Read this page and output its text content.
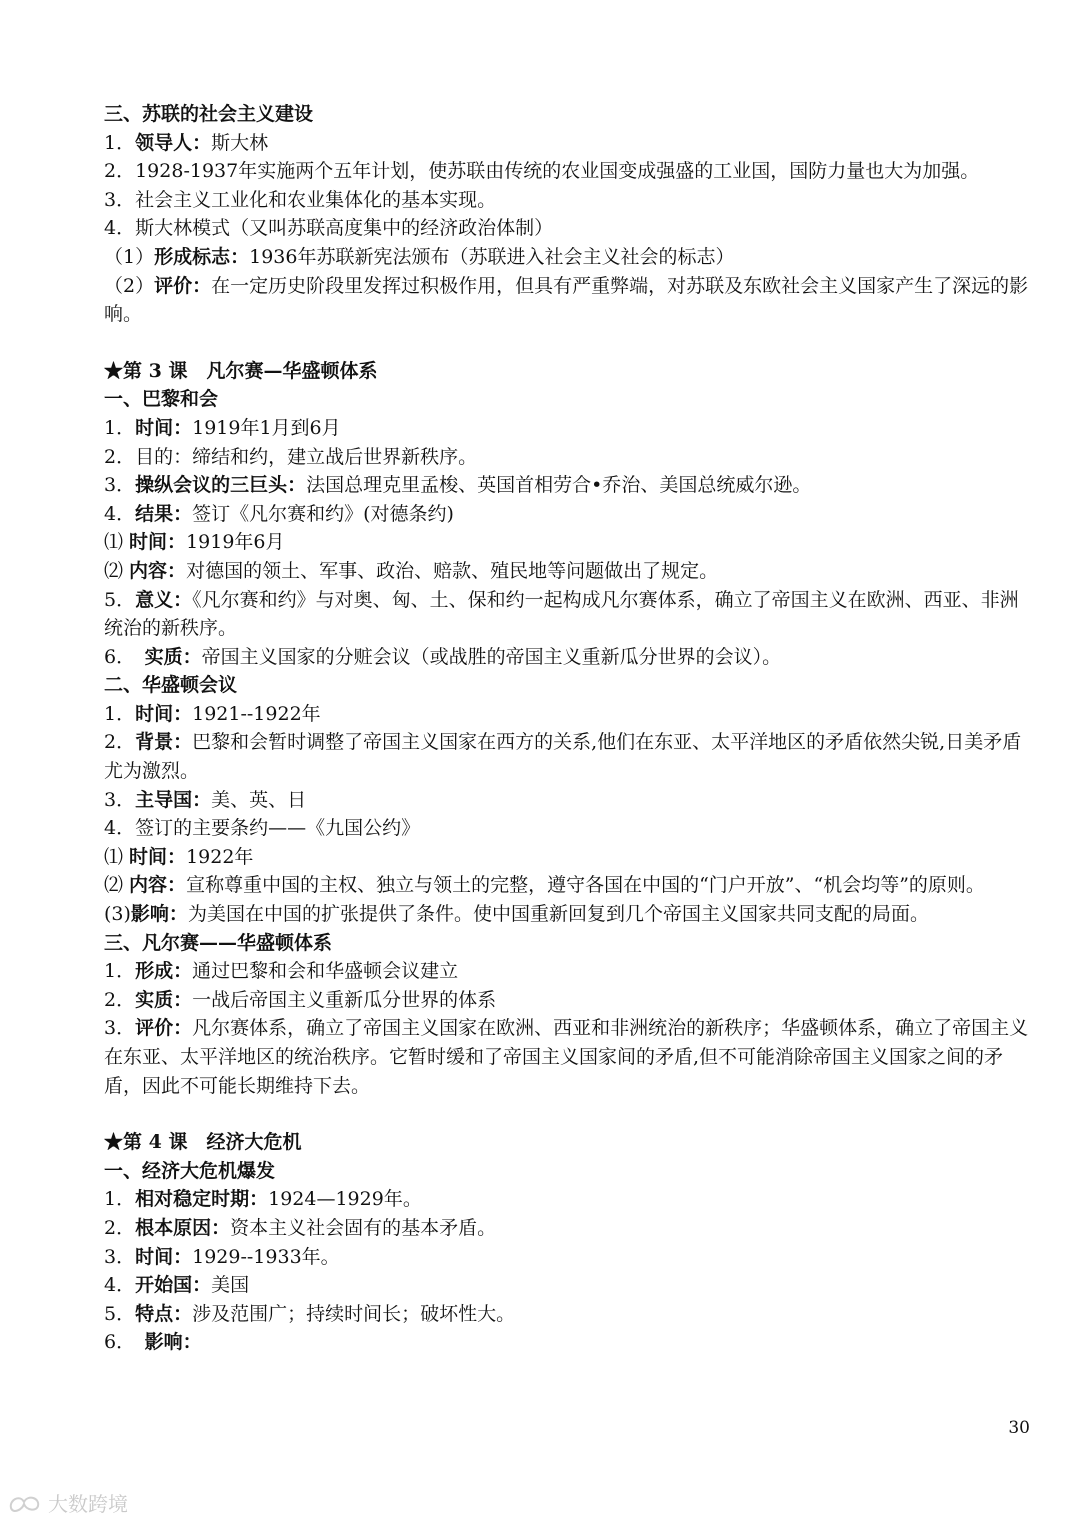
三、苏联的社会主义建设
1．领导人：斯大林
2．1928-1937年实施两个五年计划，使苏联由传统的农业国变成强盛的工业国，国防力量也大为加强。
3．社会主义工业化和农业集体化的基本实现。
4．斯大林模式（又叫苏联高度集中的经济政治体制）
（1）形成标志：1936年苏联新宪法颁布（苏联进入社会主义社会的标志）
（2）评价：在一定历史阶段里发挥过积极作用，但具有严重弊端，对苏联及东欧社会主义国家产生了深远的影响。
★第 3 课　凡尔赛—华盛顿体系
一、巴黎和会
1．时间：1919年1月到6月
2．目的：缔结和约，建立战后世界新秩序。
3．操纵会议的三巨头：法国总理克里孟梭、英国首相劳合•乔治、美国总统威尔逊。
4．结果：签订《凡尔赛和约》(对德条约)
⑴ 时间：1919年6月
⑵ 内容：对德国的领土、军事、政治、赔款、殖民地等问题做出了规定。
5．意义：《凡尔赛和约》与对奥、匈、土、保和约一起构成凡尔赛体系，确立了帝国主义在欧洲、西亚、非洲统治的新秩序。
6．　实质：帝国主义国家的分赃会议（或战胜的帝国主义重新瓜分世界的会议）。
二、华盛顿会议
1．时间：1921--1922年
2．背景：巴黎和会暂时调整了帝国主义国家在西方的关系,他们在东亚、太平洋地区的矛盾依然尖锐,日美矛盾尤为激烈。
3．主导国：美、英、日
4．签订的主要条约——《九国公约》
⑴ 时间：1922年
⑵ 内容：宣称尊重中国的主权、独立与领土的完整，遵守各国在中国的“门户开放”、“机会均等”的原则。
(3)影响：为美国在中国的扩张提供了条件。使中国重新回复到几个帝国主义国家共同支配的局面。
三、凡尔赛——华盛顿体系
1．形成：通过巴黎和会和华盛顿会议建立
2．实质：一战后帝国主义重新瓜分世界的体系
3．评价：凡尔赛体系，确立了帝国主义国家在欧洲、西亚和非洲统治的新秩序；华盛顿体系，确立了帝国主义在东亚、太平洋地区的统治秩序。它暂时缓和了帝国主义国家间的矛盾,但不可能消除帝国主义国家之间的矛盾，因此不可能长期维持下去。
★第 4 课　经济大危机
一、经济大危机爆发
1．相对稳定时期：1924—1929年。
2．根本原因：资本主义社会固有的基本矛盾。
3．时间：1929--1933年。
4．开始国：美国
5．特点：涉及范围广；持续时间长；破坏性大。
6．　影响：
30
大数跨境
